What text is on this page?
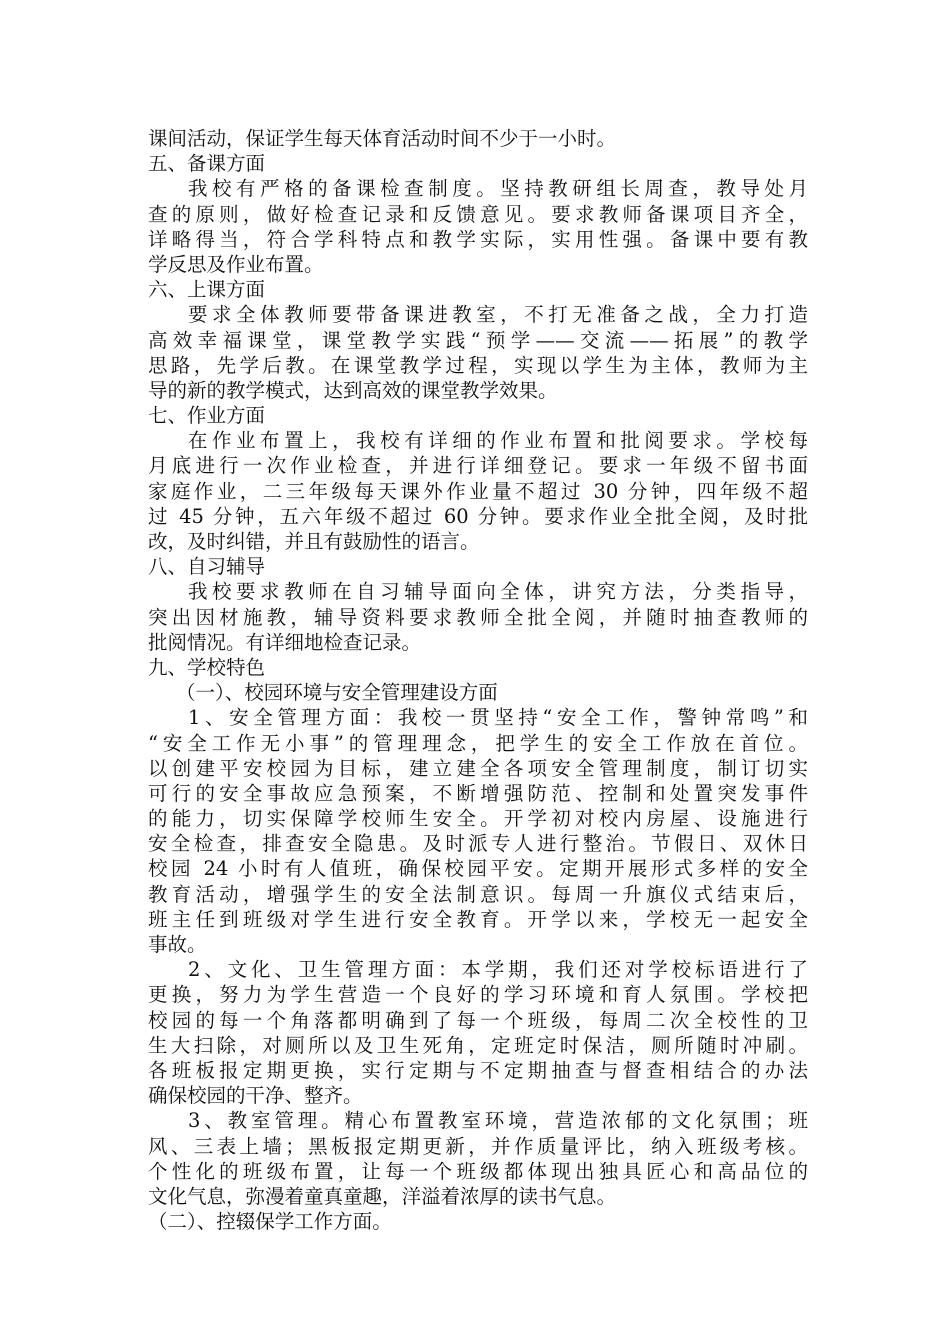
课间活动，保证学生每天体育活动时间不少于一小时。
五、备课方面
我校有严格的备课检查制度。坚持教研组长周查，教导处月
查的原则，做好检查记录和反馈意见。要求教师备课项目齐全，
详略得当，符合学科特点和教学实际，实用性强。备课中要有教
学反思及作业布置。
六、上课方面
要求全体教师要带备课进教室，不打无准备之战，全力打造
高效幸福课堂，课堂教学实践“预学——交流——拓展”的教学
思路，先学后教。在课堂教学过程，实现以学生为主体，教师为主
导的新的教学模式，达到高效的课堂教学效果。
七、作业方面
在作业布置上，我校有详细的作业布置和批阅要求。学校每
月底进行一次作业检查，并进行详细登记。要求一年级不留书面
家庭作业，二三年级每天课外作业量不超过 30 分钟，四年级不超
过 45 分钟，五六年级不超过 60 分钟。要求作业全批全阅，及时批
改，及时纠错，并且有鼓励性的语言。
八、自习辅导
我校要求教师在自习辅导面向全体，讲究方法，分类指导，
突出因材施教，辅导资料要求教师全批全阅，并随时抽查教师的
批阅情况。有详细地检查记录。
九、学校特色
（一）、校园环境与安全管理建设方面
1、安全管理方面：我校一贯坚持“安全工作，警钟常鸣”和
“安全工作无小事”的管理理念，把学生的安全工作放在首位。
以创建平安校园为目标，建立建全各项安全管理制度，制订切实
可行的安全事故应急预案，不断增强防范、控制和处置突发事件
的能力，切实保障学校师生安全。开学初对校内房屋、设施进行
安全检查，排查安全隐患。及时派专人进行整治。节假日、双休日
校园 24 小时有人值班，确保校园平安。定期开展形式多样的安全
教育活动，增强学生的安全法制意识。每周一升旗仪式结束后，
班主任到班级对学生进行安全教育。开学以来，学校无一起安全
事故。
2、文化、卫生管理方面：本学期，我们还对学校标语进行了
更换，努力为学生营造一个良好的学习环境和育人氛围。学校把
校园的每一个角落都明确到了每一个班级，每周二次全校性的卫
生大扫除，对厕所以及卫生死角，定班定时保洁，厕所随时冲刷。
各班板报定期更换，实行定期与不定期抽查与督查相结合的办法
确保校园的干净、整齐。
3、教室管理。精心布置教室环境，营造浓郁的文化氛围；班
风、三表上墙；黑板报定期更新，并作质量评比，纳入班级考核。
个性化的班级布置，让每一个班级都体现出独具匠心和高品位的
文化气息，弥漫着童真童趣，洋溢着浓厚的读书气息。
（二）、控辍保学工作方面。
